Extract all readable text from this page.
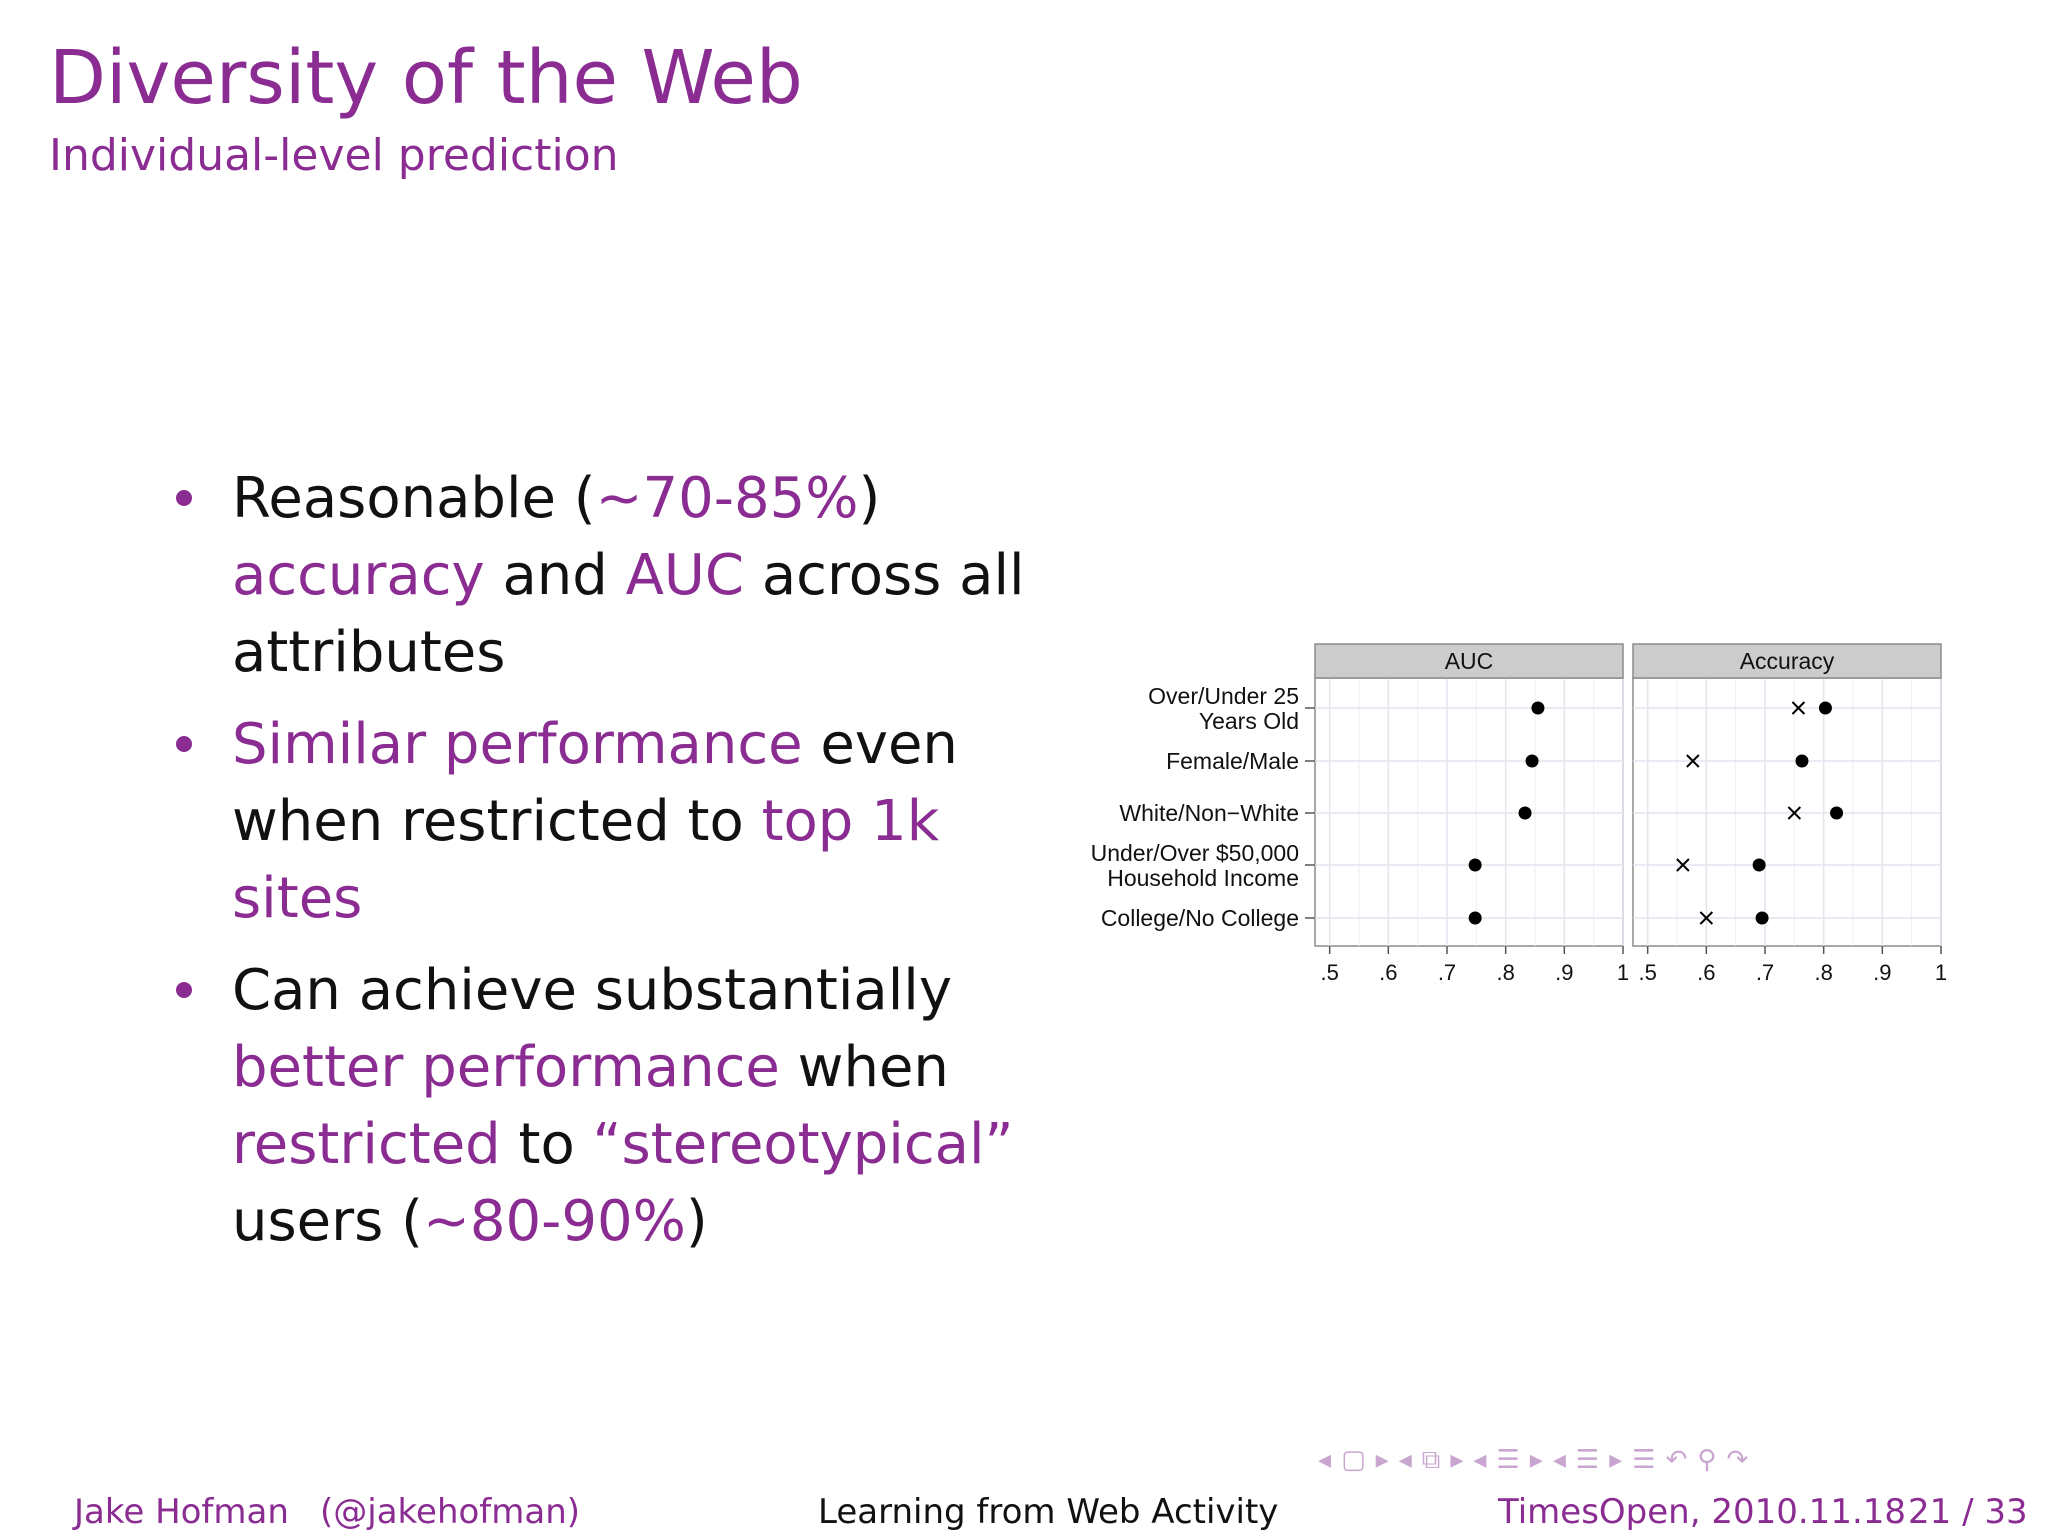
Diversity of the Web
Individual-level prediction
Reasonable (∼70-85%) accuracy and AUC across all attributes
Similar performance even when restricted to top 1k sites
Can achieve substantially better performance when restricted to “stereotypical” users (∼80-90%)
AUC
.5 .6 .7 .8 .9 1
Accuracy
.5 .6 .7 .8 .9 1
Over/Under 25 Years Old
Female/Male
White/Non−White
Under/Over $50,000 Household Income
College/No College
◂ ▢ ▸ ◂ ⧉ ▸ ◂ ☰ ▸ ◂ ☰ ▸ ☰ ↶ ⚲ ↷
Jake Hofman (@jakehofman)	Learning from Web Activity	TimesOpen, 2010.11.18 21 / 33
